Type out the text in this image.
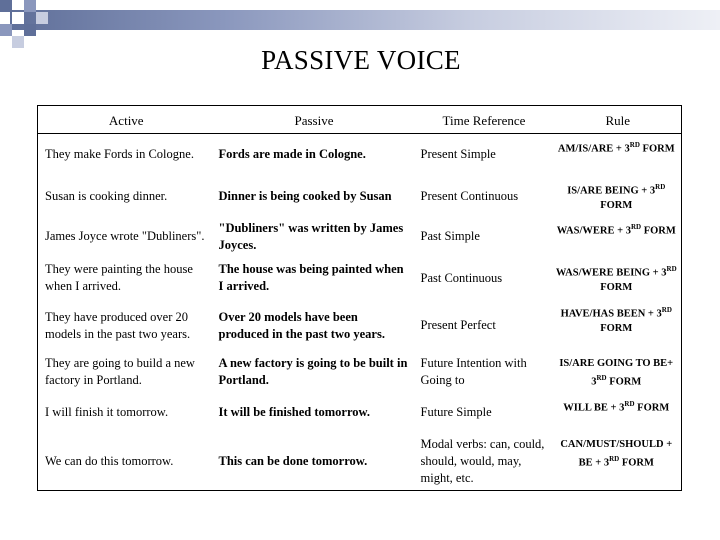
PASSIVE VOICE
Active	Passive	Time Reference	Rule
They make Fords in Cologne.	Fords are made in Cologne.	Present Simple	AM/IS/ARE + 3RD FORM
Susan is cooking dinner.	Dinner is being cooked by Susan	Present Continuous	IS/ARE BEING + 3RD FORM
James Joyce wrote "Dubliners".	"Dubliners" was written by James Joyces.	Past Simple	WAS/WERE + 3RD FORM
They were painting the house when I arrived.	The house was being painted when I arrived.	Past Continuous	WAS/WERE BEING + 3RD FORM
They have produced over 20 models in the past two years.	Over 20 models have been produced in the past two years.	Present Perfect	HAVE/HAS BEEN + 3RD FORM
They are going to build a new factory in Portland.	A new factory is going to be built in Portland.	Future Intention with Going to	IS/ARE GOING TO BE+ 3RD FORM
I will finish it tomorrow.	It will be finished tomorrow.	Future Simple	WILL BE + 3RD FORM
We can do this tomorrow.	This can be done tomorrow.	Modal verbs: can, could, should, would, may, might, etc.	CAN/MUST/SHOULD + BE + 3RD FORM
